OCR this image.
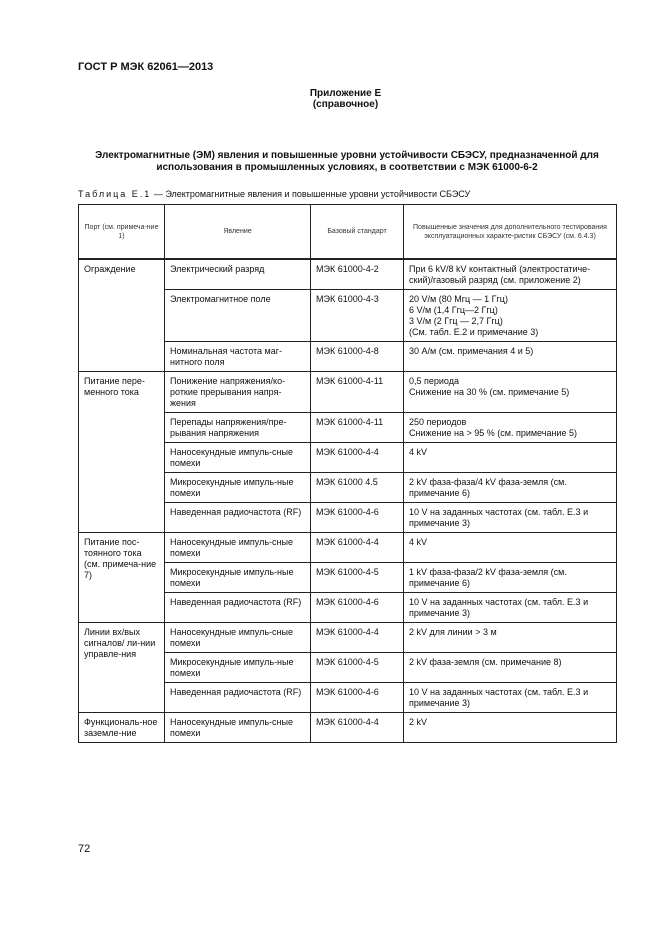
ГОСТ Р МЭК 62061—2013
Приложение Е
(справочное)
Электромагнитные (ЭМ) явления и повышенные уровни устойчивости СБЭСУ, предназначенной для использования в промышленных условиях, в соответствии с МЭК 61000-6-2
Таблица Е.1 — Электромагнитные явления и повышенные уровни устойчивости СБЭСУ
Порт (см. примеча-ние 1)	Явление	Базовый стандарт	Повышенные значения для дополнительного тестирования эксплуатационных характе-ристик СБЭСУ (см. 6.4.3)
Ограждение	Электрический разряд	МЭК 61000-4-2	При 6 kV/8 kV контактный (электростатиче-ский)/газовый разряд (см. приложение 2)

	Электромагнитное поле	МЭК 61000-4-3	20 V/м (80 Мгц — 1 Ггц)
6 V/м (1,4 Ггц—2 Ггц)
3 V/м (2 Ггц — 2,7 Ггц)
(См. табл. Е.2 и примечание 3)

	Номинальная частота маг-нитного поля	МЭК 61000-4-8	30 А/м (см. примечания 4 и 5)

Питание пере-менного тока	Понижение напряжения/ко-роткие прерывания напря-жения	МЭК 61000-4-11	0,5 периода
Снижение на 30 % (см. примечание 5)

	Перепады напряжения/пре-рывания напряжения	МЭК 61000-4-11	250 периодов
Снижение на > 95 % (см. примечание 5)

	Наносекундные импуль-сные помехи	МЭК 61000-4-4	4 kV

	Микросекундные импуль-ные помехи	МЭК 61000 4.5	2 kV фаза-фаза/4 kV фаза-земля (см. примечание 6)

	Наведенная радиочастота (RF)	МЭК 61000-4-6	10 V на заданных частотах (см. табл. Е.3 и примечание 3)

Питание пос-тоянного тока (см. примеча-ние 7)	Наносекундные импуль-сные помехи	МЭК 61000-4-4	4 kV

	Микросекундные импуль-ные помехи	МЭК 61000-4-5	1 kV фаза-фаза/2 kV фаза-земля (см. примечание 6)

	Наведенная радиочастота (RF)	МЭК 61000-4-6	10 V на заданных частотах (см. табл. Е.3 и примечание 3)

Линии вх/вых сигналов/ ли-нии управле-ния	Наносекундные импуль-сные помехи	МЭК 61000-4-4	2 kV для линии > 3 м

	Микросекундные импуль-ные помехи	МЭК 61000-4-5	2 kV фаза-земля (см. примечание 8)

	Наведенная радиочастота (RF)	МЭК 61000-4-6	10 V на заданных частотах (см. табл. Е.3 и примечание 3)

Функциональ-ное заземле-ние	Наносекундные импуль-сные помехи	МЭК 61000-4-4	2 kV
72
